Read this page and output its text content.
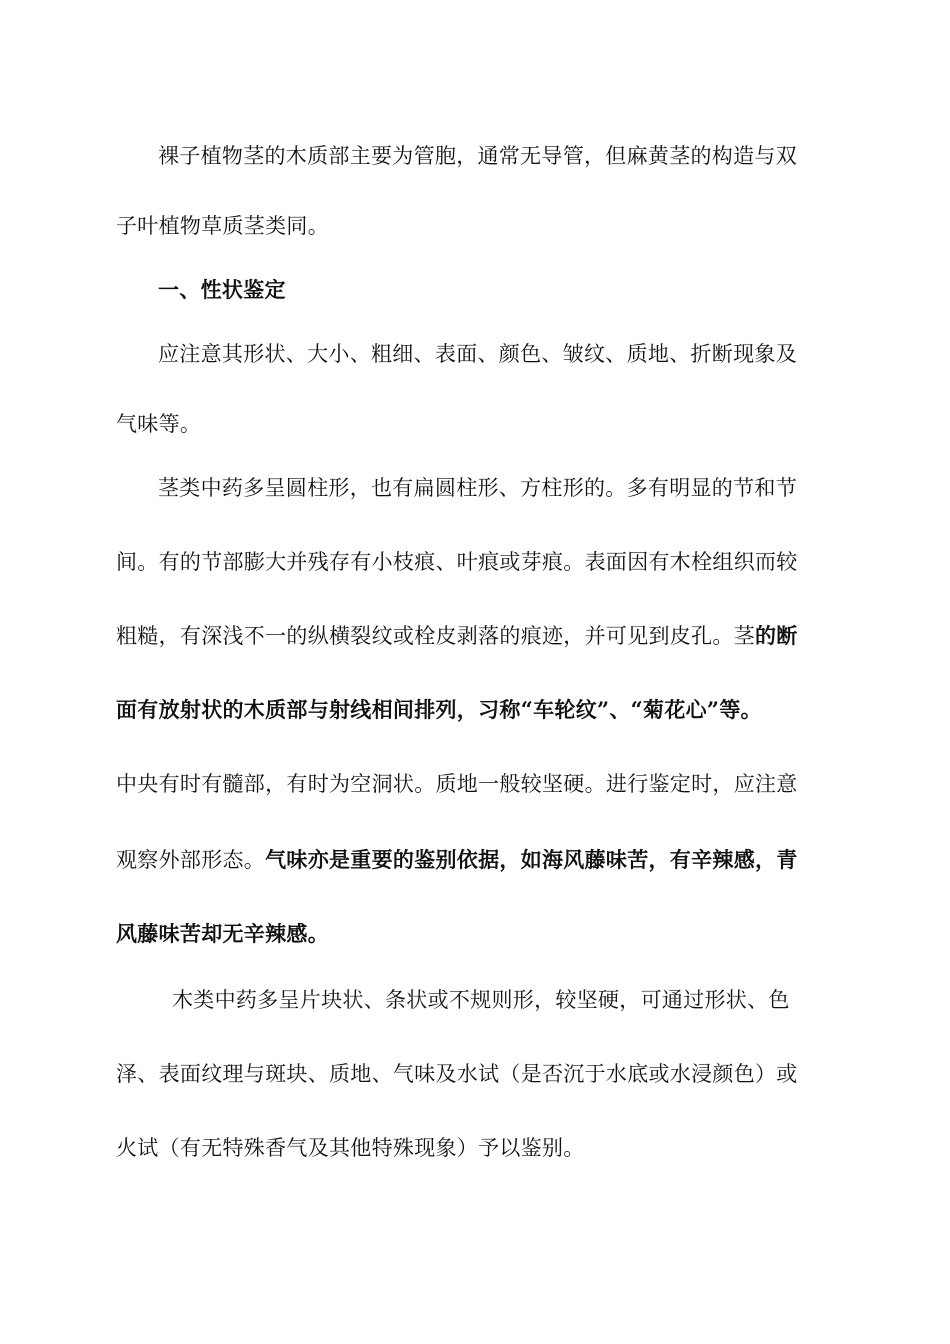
裸子植物茎的木质部主要为管胞，通常无导管，但麻黄茎的构造与双
子叶植物草质茎类同。
一、性状鉴定
应注意其形状、大小、粗细、表面、颜色、皱纹、质地、折断现象及
气味等。
茎类中药多呈圆柱形，也有扁圆柱形、方柱形的。多有明显的节和节
间。有的节部膨大并残存有小枝痕、叶痕或芽痕。表面因有木栓组织而较
粗糙，有深浅不一的纵横裂纹或栓皮剥落的痕迹，并可见到皮孔。茎的断
面有放射状的木质部与射线相间排列，习称“车轮纹”、“菊花心”等。
中央有时有髓部，有时为空洞状。质地一般较坚硬。进行鉴定时，应注意
观察外部形态。气味亦是重要的鉴别依据，如海风藤味苦，有辛辣感，青
风藤味苦却无辛辣感。
木类中药多呈片块状、条状或不规则形，较坚硬，可通过形状、色
泽、表面纹理与斑块、质地、气味及水试（是否沉于水底或水浸颜色）或
火试（有无特殊香气及其他特殊现象）予以鉴别。
